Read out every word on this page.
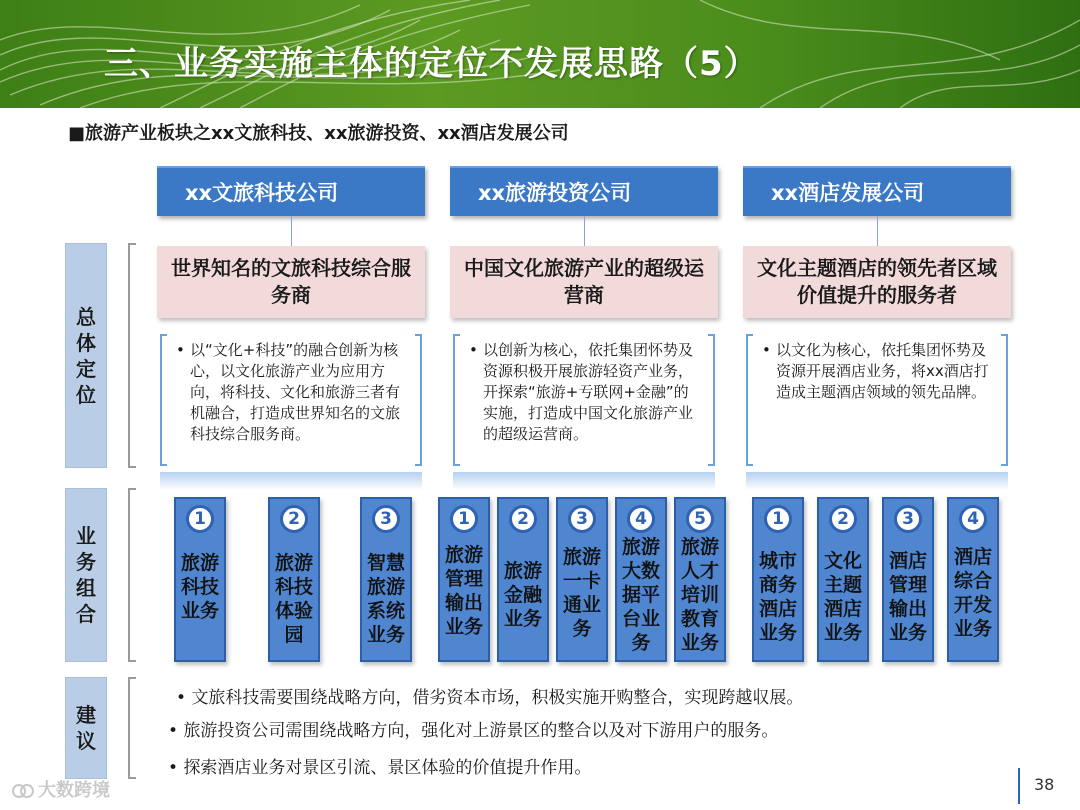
三、业务实施主体的定位不发展思路（5）
■旅游产业板块之xx文旅科技、xx旅游投资、xx酒店发展公司
xx文旅科技公司	xx旅游投资公司	xx酒店发展公司
总体定位
业务组合
建议
世界知名的文旅科技综合服务商
中国文化旅游产业的超级运营商
文化主题酒店的领先者区域价值提升的服务者
• 以“文化+科技”的融合创新为核心，以文化旅游产业为应用方向，将科技、文化和旅游三者有机融合，打造成世界知名的文旅科技综合服务商。
• 以创新为核心，依托集团怀势及资源积极开展旅游轻资产业务，开探索“旅游+亐联网+金融”的实施，打造成中国文化旅游产业的超级运营商。
• 以文化为核心，依托集团怀势及资源开展酒店业务，将xx酒店打造成主题酒店领域的领先品牌。
1
旅游科技业务
2
旅游科技体验园
3
智慧旅游系统业务
1
旅游管理输出业务
2
旅游金融业务
3
旅游一卡通业务
4
旅游大数据平台业务
5
旅游人才培训教育业务
1
城市商务酒店业务
2
文化主题酒店业务
3
酒店管理输出业务
4
酒店综合开发业务
• 文旅科技需要围绕战略方向，借劣资本市场，积极实施开购整合，实现跨越収展。
• 旅游投资公司需围绕战略方向，强化对上游景区的整合以及对下游用户的服务。
• 探索酒店业务对景区引流、景区体验的价值提升作用。
大数跨境	38
